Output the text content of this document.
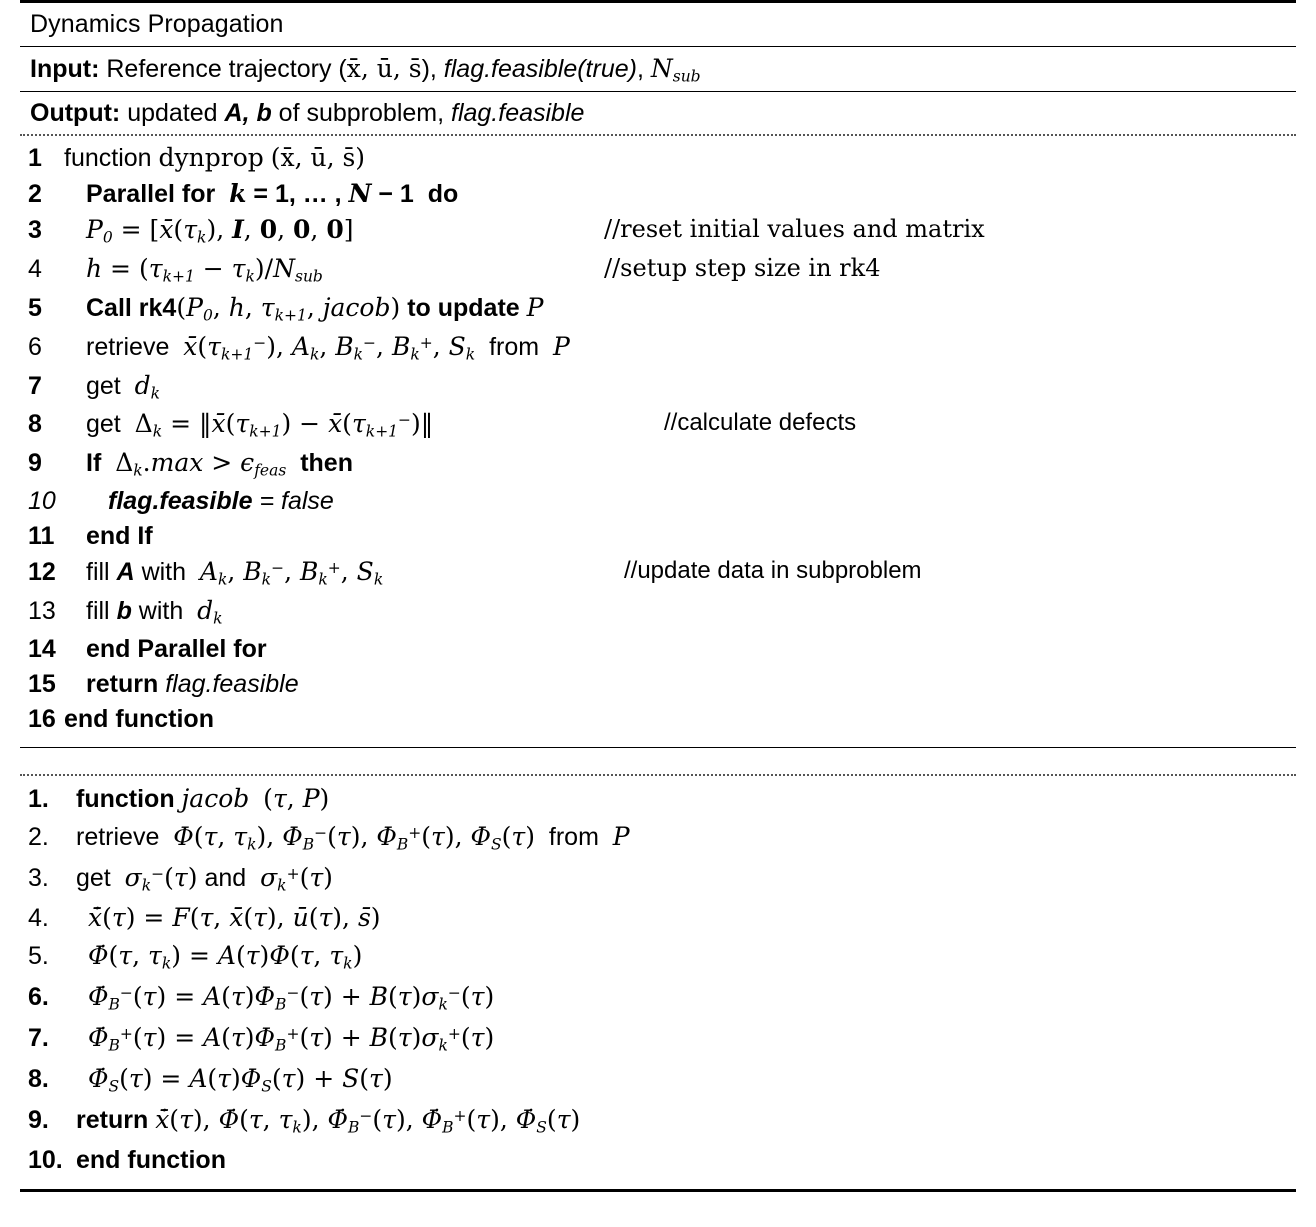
Dynamics Propagation
Input: Reference trajectory (x̄, ū, s̄), flag.feasible(true), $N_{sub}$
Output: updated A, b of subproblem, flag.feasible
1 function dynprop (x̄, ū, s̄)
2	Parallel for  k = 1, … , N − 1  do
3	$P_0$ = [$x̄(\tau_k)$, I, 0, 0, 0]	//reset initial values and matrix
4	$h = (\tau_{k+1} - \tau_k)/N_{sub}$	//setup step size in rk4
5	Call $rk4(P_0$, h, $\tau_{k+1}$, jacob) to update P
6	retrieve  $x̄(\tau_{k+1}^-)$, $A_k$, $B_k^-$, $B_k^+$, $S_k$  from  P
7	get  $d_k$
8	get  $\Delta_k$ = $‖x̄(\tau_{k+1})$ − $x̄(\tau_{k+1}^-)‖$	//calculate defects
9	If $\Delta_k.\max > \epsilon_{feas}$ then
10	flag.feasible = false
11	end If
12	fill A with  $A_k$, $B_k^-$, $B_k^+$, $S_k$	//update data in subproblem
13	fill b with  $d_k$
14	end Parallel for
15	return flag.feasible
16 end function
1.	function jacob (τ, P)
2.	retrieve  Φ(τ, $\tau_k$), $\Phi_B^-(\tau)$, $\Phi_B^+(\tau)$, $\Phi_S(\tau)$  from  P
3.	get  $\sigma_k^-(\tau)$ and  $\sigma_k^+(\tau)$
4.	x̄̇(τ) = F(τ, x̄(τ), ū(τ), s̄)
5.	Φ̇(τ, $\tau_k) = A(\tau)\Phi(\tau$, $\tau_k$)
6.	$\Phi̇_B^-(\tau) = A(\tau)\Phi_B^-(\tau) + B(\tau)\sigma_k^-(\tau)$
7.	$\Phi̇_B^+(\tau) = A(\tau)\Phi_B^+(\tau) + B(\tau)\sigma_k^+(\tau)$
8.	$\Phi̇_S(\tau) = A(\tau)\Phi_S(\tau) + S(\tau)$
9.	return x̄̇(τ), Φ̇(τ, $\tau_k$), $\Phi̇_B^-(\tau)$, $\Phi̇_B^+(\tau)$, $\Phi̇_S(\tau)$
10. end function
